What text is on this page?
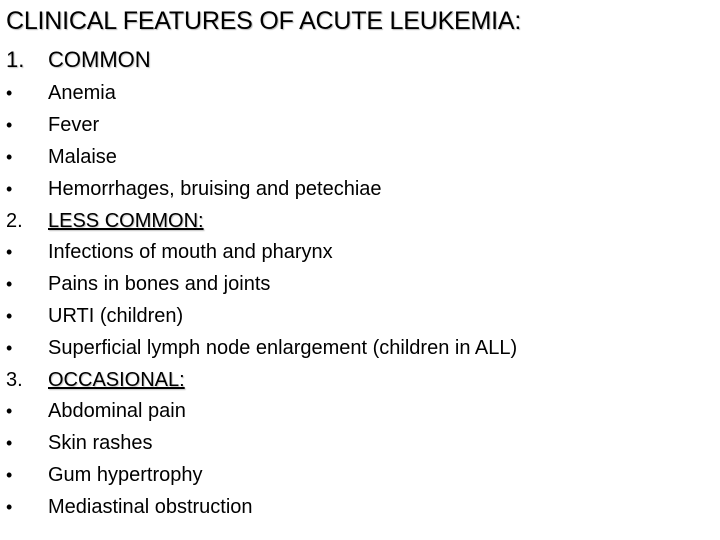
CLINICAL FEATURES OF ACUTE LEUKEMIA:
1. COMMON
•	Anemia
•	Fever
•	Malaise
•	Hemorrhages, bruising and petechiae
2.	LESS COMMON:
•	Infections of mouth and pharynx
•	Pains in bones and joints
•	URTI (children)
•	Superficial lymph node enlargement (children in ALL)
3.	OCCASIONAL:
•	Abdominal pain
•	Skin rashes
•	Gum hypertrophy
•	Mediastinal obstruction
